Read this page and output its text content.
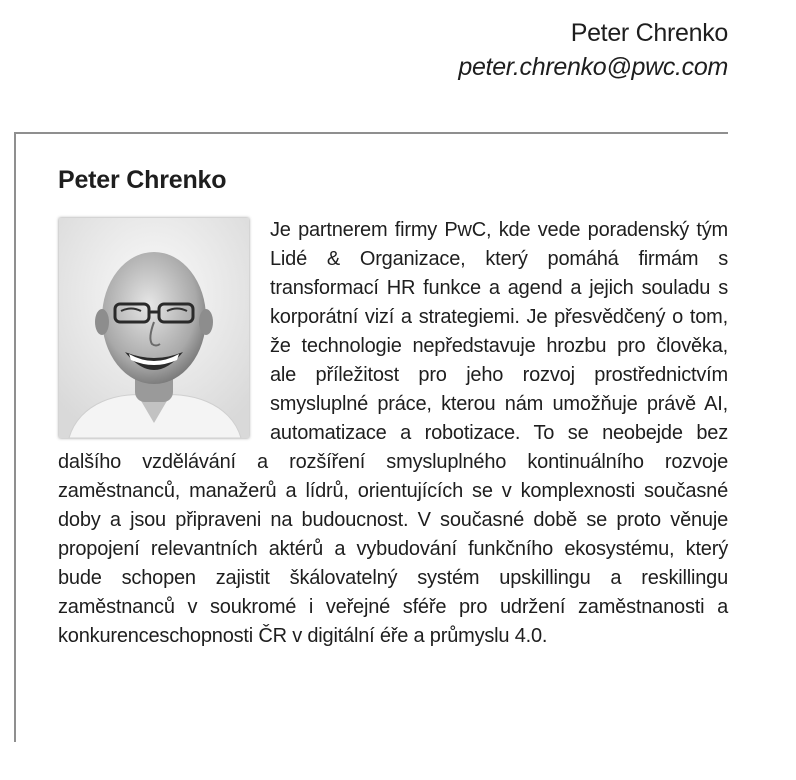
Peter Chrenko
peter.chrenko@pwc.com
Peter Chrenko
Je partnerem firmy PwC, kde vede poradenský tým Lidé & Organizace, který pomáhá firmám s transformací HR funkce a agend a jejich souladu s korporátní vizí a strategiemi. Je přesvědčený o tom, že technologie nepředstavuje hrozbu pro člověka, ale příležitost pro jeho rozvoj prostřednictvím smysluplné práce, kterou nám umožňuje právě AI, automatizace a robotizace. To se neobejde bez dalšího vzdělávání a rozšíření smysluplného kontinuálního rozvoje zaměstnanců, manažerů a lídrů, orientujících se v komplexnosti současné doby a jsou připraveni na budoucnost. V současné době se proto věnuje propojení relevantních aktérů a vybudování funkčního ekosystému, který bude schopen zajistit škálovatelný systém upskillingu a reskillingu zaměstnanců v soukromé i veřejné sféře pro udržení zaměstnanosti a konkurenceschopnosti ČR v digitální éře a průmyslu 4.0.
